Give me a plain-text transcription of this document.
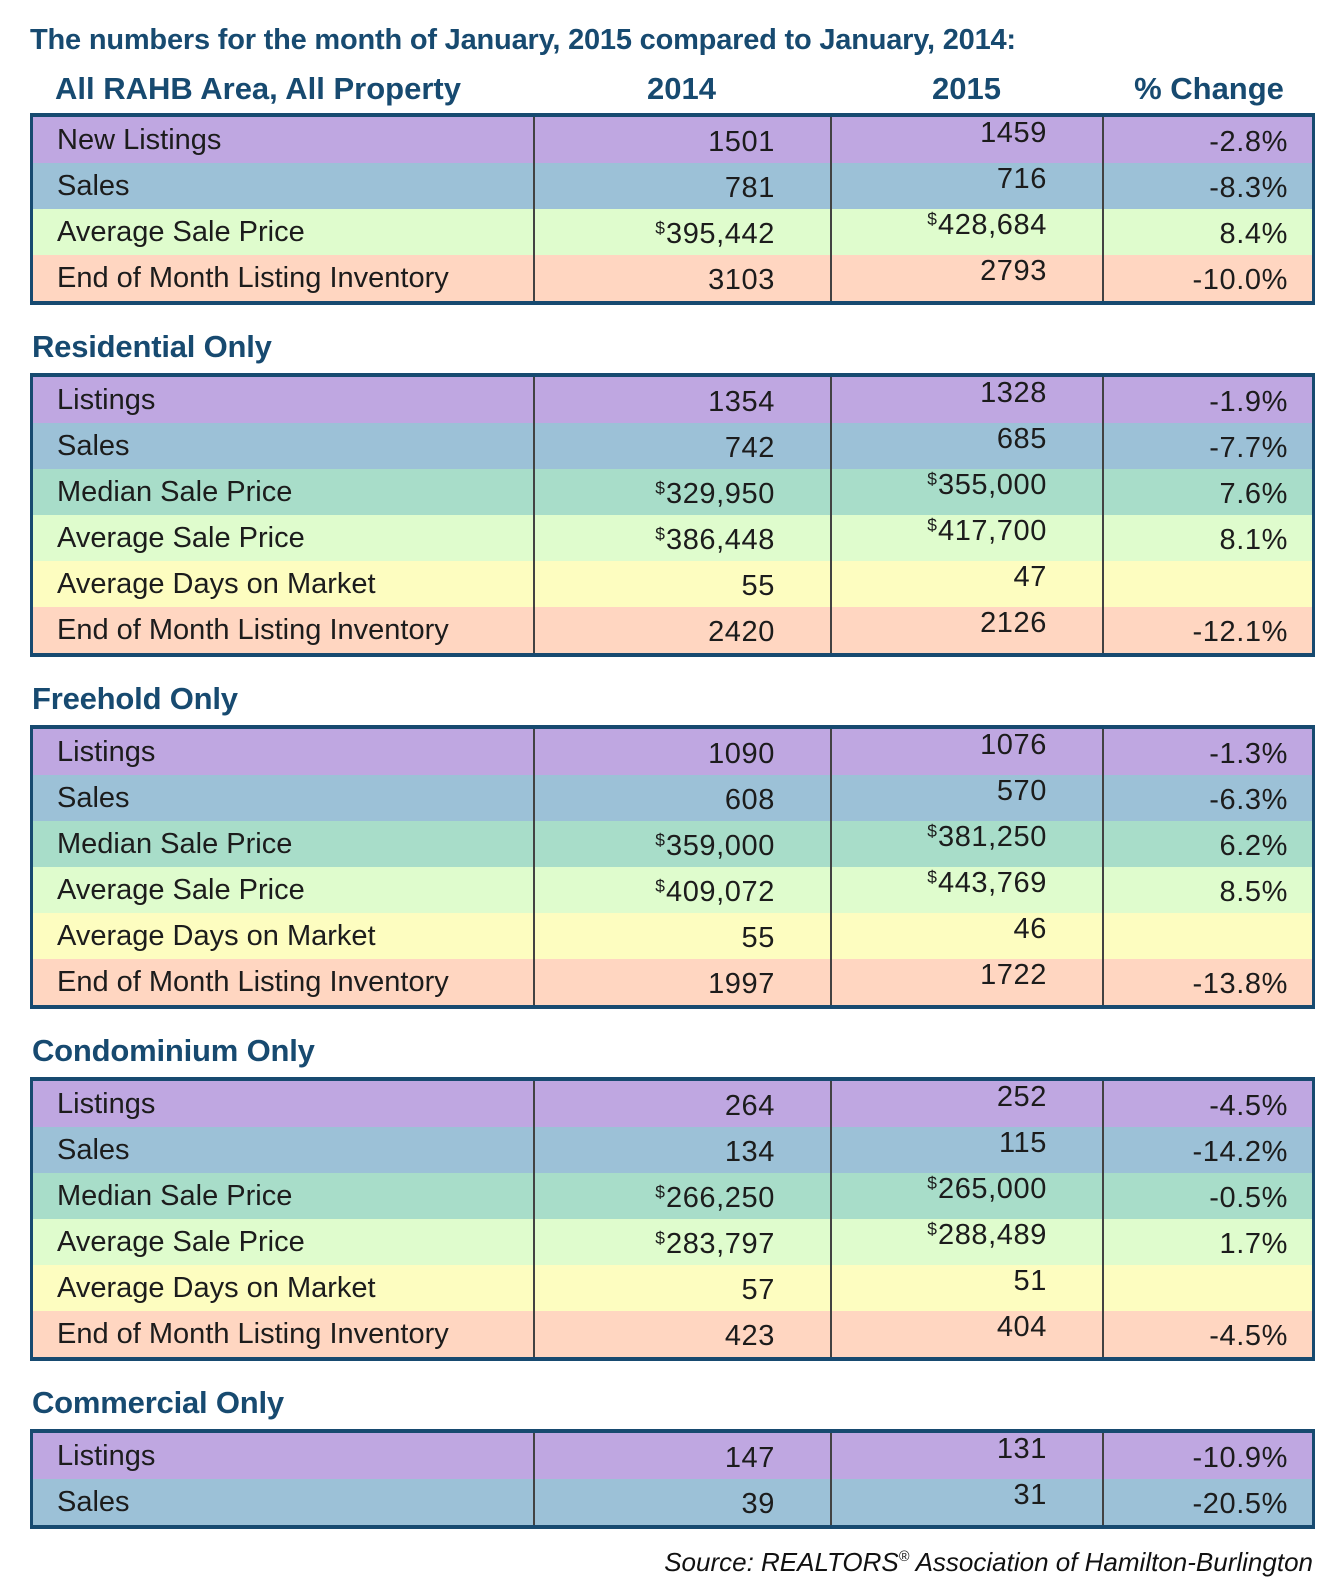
The numbers for the month of January, 2015 compared to January, 2014:
All RAHB Area, All Property	2014	2015	% Change
New Listings	1501	1459	-2.8%
Sales	781	716	-8.3%
Average Sale Price	$395,442	$428,684	8.4%
End of Month Listing Inventory	3103	2793	-10.0%
Residential Only
Listings	1354	1328	-1.9%
Sales	742	685	-7.7%
Median Sale Price	$329,950	$355,000	7.6%
Average Sale Price	$386,448	$417,700	8.1%
Average Days on Market	55	47
End of Month Listing Inventory	2420	2126	-12.1%
Freehold Only
Listings	1090	1076	-1.3%
Sales	608	570	-6.3%
Median Sale Price	$359,000	$381,250	6.2%
Average Sale Price	$409,072	$443,769	8.5%
Average Days on Market	55	46
End of Month Listing Inventory	1997	1722	-13.8%
Condominium Only
Listings	264	252	-4.5%
Sales	134	115	-14.2%
Median Sale Price	$266,250	$265,000	-0.5%
Average Sale Price	$283,797	$288,489	1.7%
Average Days on Market	57	51
End of Month Listing Inventory	423	404	-4.5%
Commercial Only
Listings	147	131	-10.9%
Sales	39	31	-20.5%
Source: REALTORS® Association of Hamilton-Burlington
